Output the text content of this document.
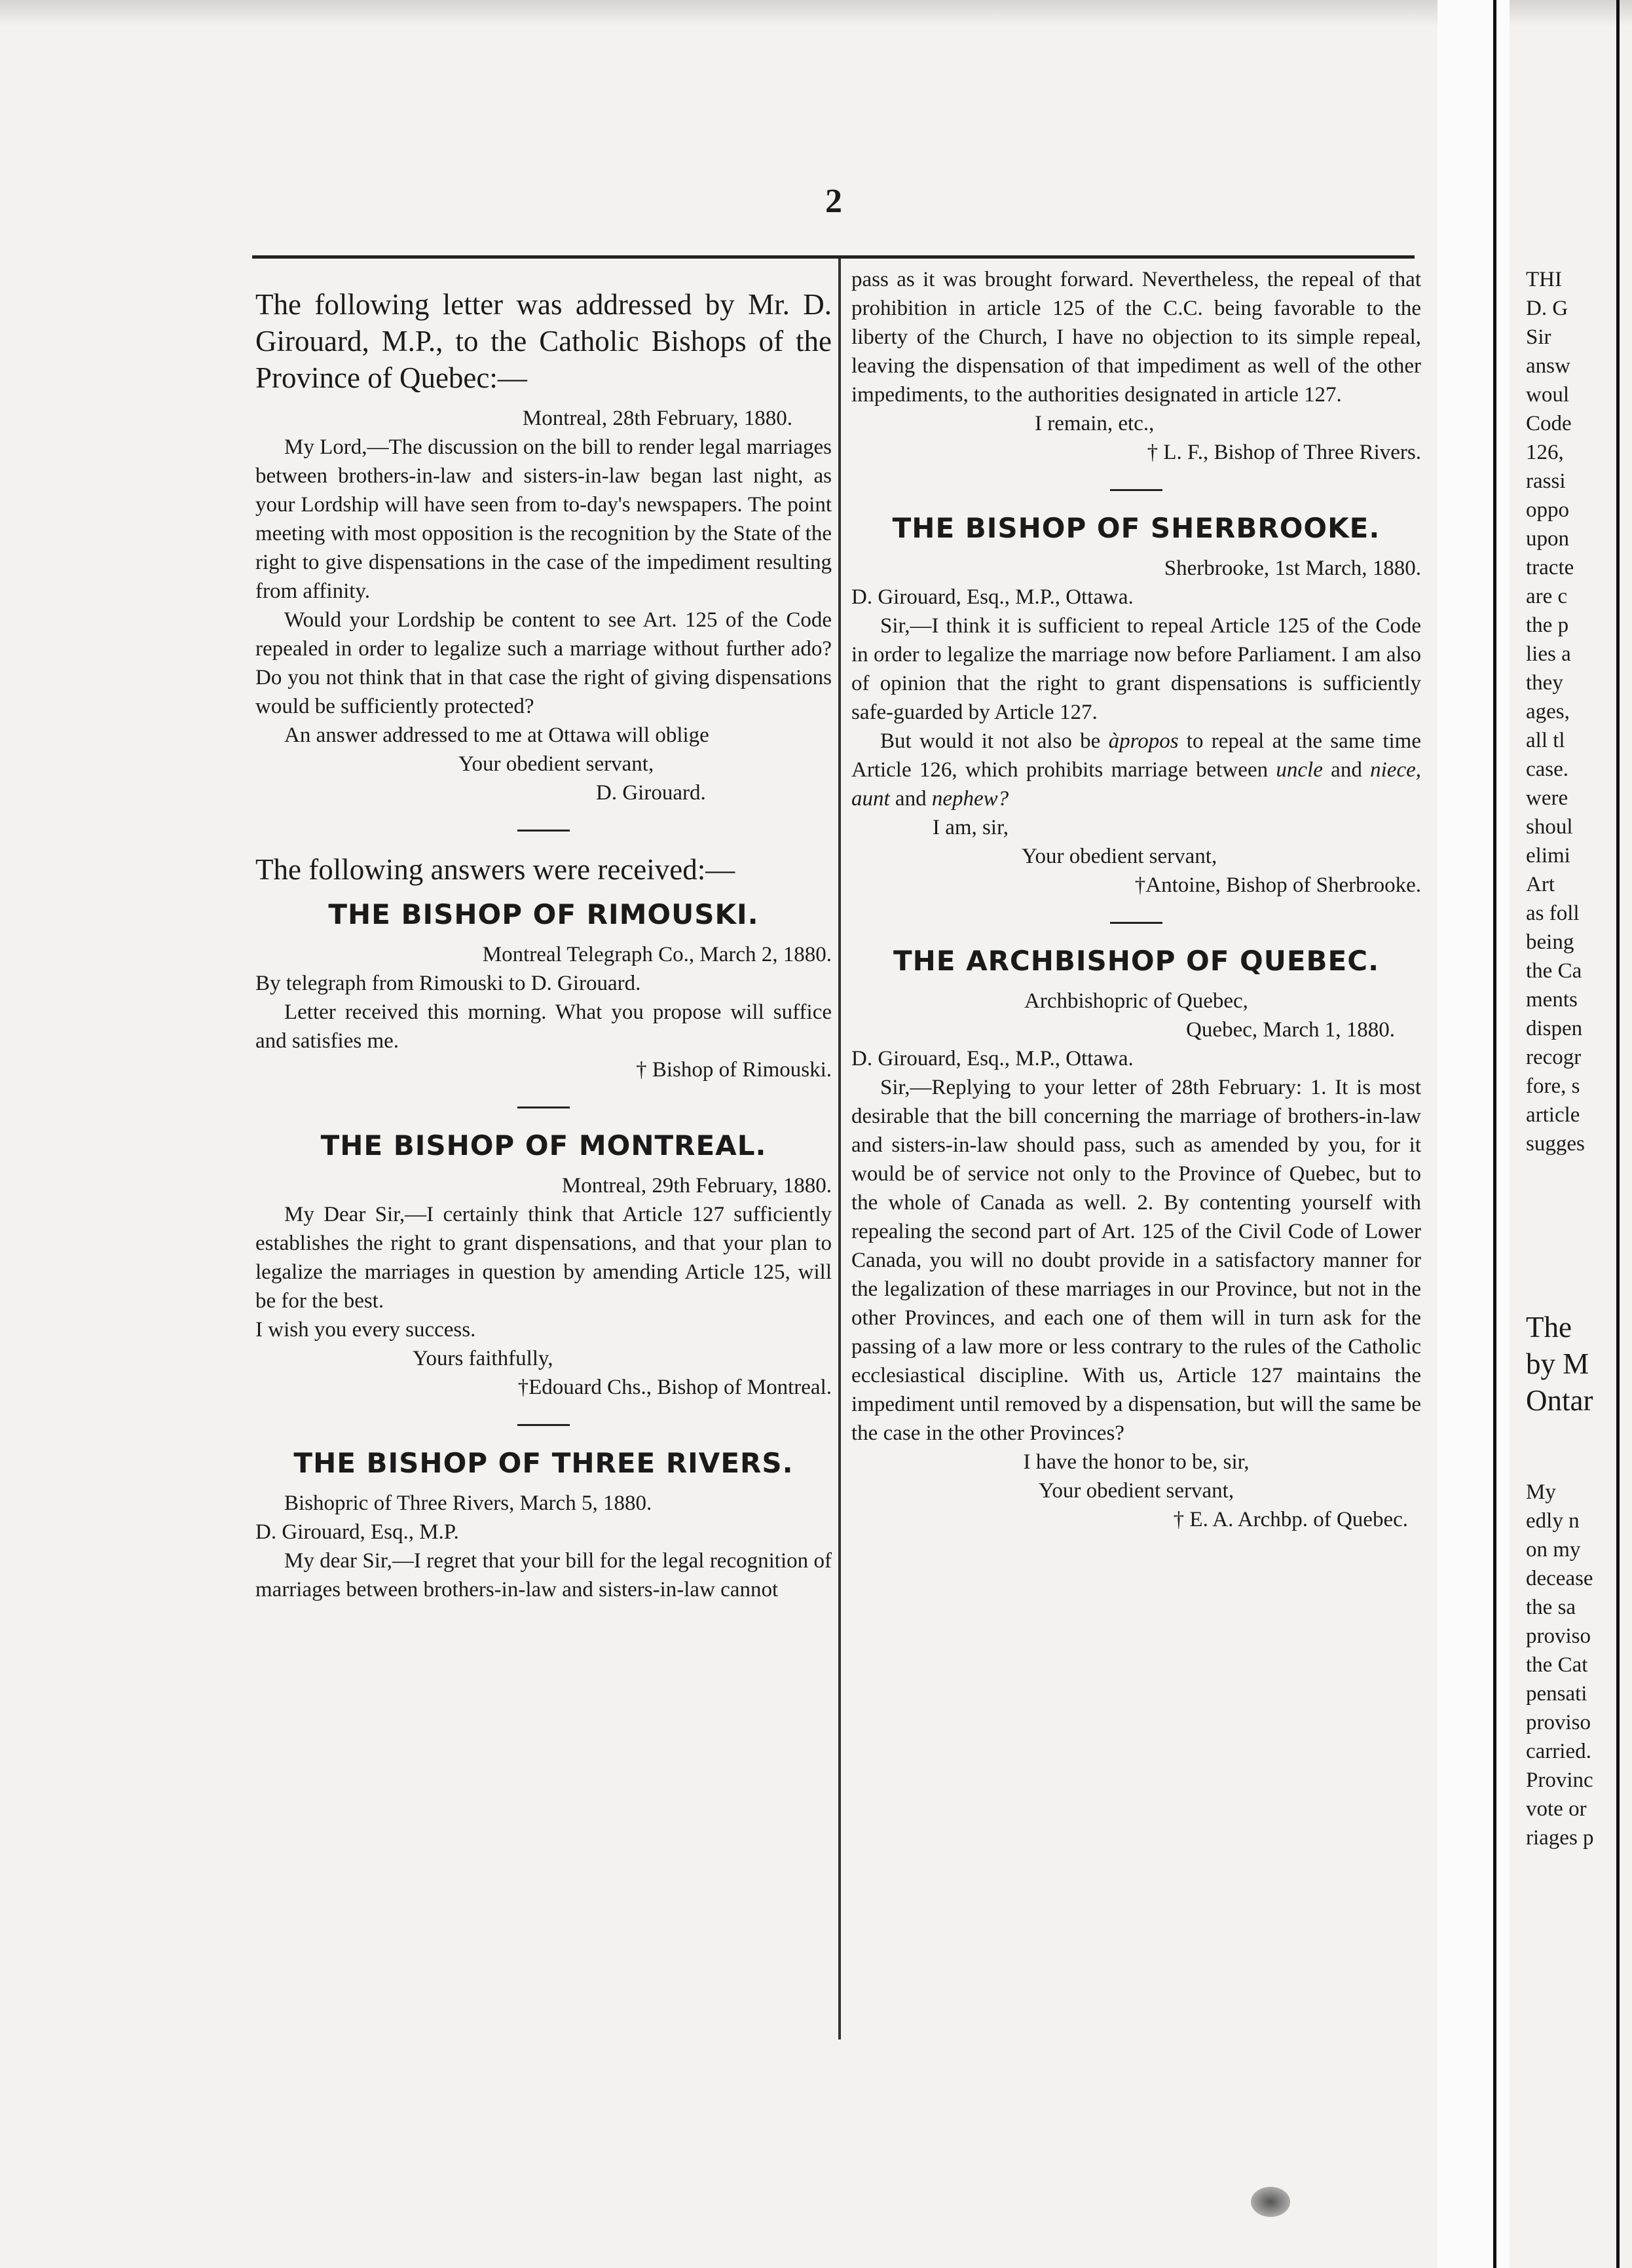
2

The following letter was addressed by Mr. D. Girouard, M.P., to the Catholic Bishops of the Province of Quebec:—

Montreal, 28th February, 1880.

My Lord,—The discussion on the bill to render legal marriages between brothers-in-law and sisters-in-law began last night, as your Lordship will have seen from to-day's newspapers. The point meeting with most opposition is the recognition by the State of the right to give dispensations in the case of the impediment resulting from affinity.

Would your Lordship be content to see Art. 125 of the Code repealed in order to legalize such a marriage without further ado? Do you not think that in that case the right of giving dispensations would be sufficiently protected?

An answer addressed to me at Ottawa will oblige

Your obedient servant,

D. Girouard.

The following answers were received:—

THE BISHOP OF RIMOUSKI.

Montreal Telegraph Co., March 2, 1880.

By telegraph from Rimouski to D. Girouard.

Letter received this morning. What you propose will suffice and satisfies me.

† Bishop of Rimouski.

THE BISHOP OF MONTREAL.

Montreal, 29th February, 1880.

My Dear Sir,—I certainly think that Article 127 sufficiently establishes the right to grant dispensations, and that your plan to legalize the marriages in question by amending Article 125, will be for the best.

I wish you every success.

Yours faithfully,

†Edouard Chs., Bishop of Montreal.

THE BISHOP OF THREE RIVERS.

Bishopric of Three Rivers, March 5, 1880.

D. Girouard, Esq., M.P.

My dear Sir,—I regret that your bill for the legal recognition of marriages between brothers-in-law and sisters-in-law cannot

pass as it was brought forward. Nevertheless, the repeal of that prohibition in article 125 of the C.C. being favorable to the liberty of the Church, I have no objection to its simple repeal, leaving the dispensation of that impediment as well of the other impediments, to the authorities designated in article 127.

I remain, etc.,

† L. F., Bishop of Three Rivers.

THE BISHOP OF SHERBROOKE.

Sherbrooke, 1st March, 1880.

D. Girouard, Esq., M.P., Ottawa.

Sir,—I think it is sufficient to repeal Article 125 of the Code in order to legalize the marriage now before Parliament. I am also of opinion that the right to grant dispensations is sufficiently safe-guarded by Article 127.

But would it not also be àpropos to repeal at the same time Article 126, which prohibits marriage between uncle and niece, aunt and nephew?

I am, sir,

Your obedient servant,

†Antoine, Bishop of Sherbrooke.

THE ARCHBISHOP OF QUEBEC.

Archbishopric of Quebec,

Quebec, March 1, 1880.

D. Girouard, Esq., M.P., Ottawa.

Sir,—Replying to your letter of 28th February: 1. It is most desirable that the bill concerning the marriage of brothers-in-law and sisters-in-law should pass, such as amended by you, for it would be of service not only to the Province of Quebec, but to the whole of Canada as well. 2. By contenting yourself with repealing the second part of Art. 125 of the Civil Code of Lower Canada, you will no doubt provide in a satisfactory manner for the legalization of these marriages in our Province, but not in the other Provinces, and each one of them will in turn ask for the passing of a law more or less contrary to the rules of the Catholic ecclesiastical discipline. With us, Article 127 maintains the impediment until removed by a dispensation, but will the same be the case in the other Provinces?

I have the honor to be, sir,

Your obedient servant,

† E. A. Archbp. of Quebec.

THI
D. G
Sir
answ
woul
Code
126,
rassi
oppo
upon
tracte
are c
the p
lies a
they
ages,
all tl
case.
were
shoul
elimi
Art
as foll
being
the Ca
ments
dispen
recogr
fore, s
article
sugges
The
by M
Ontar
My
edly n
on my
decease
the sa
proviso
the Cat
pensati
proviso
carried.
Provinc
vote or
riages p
